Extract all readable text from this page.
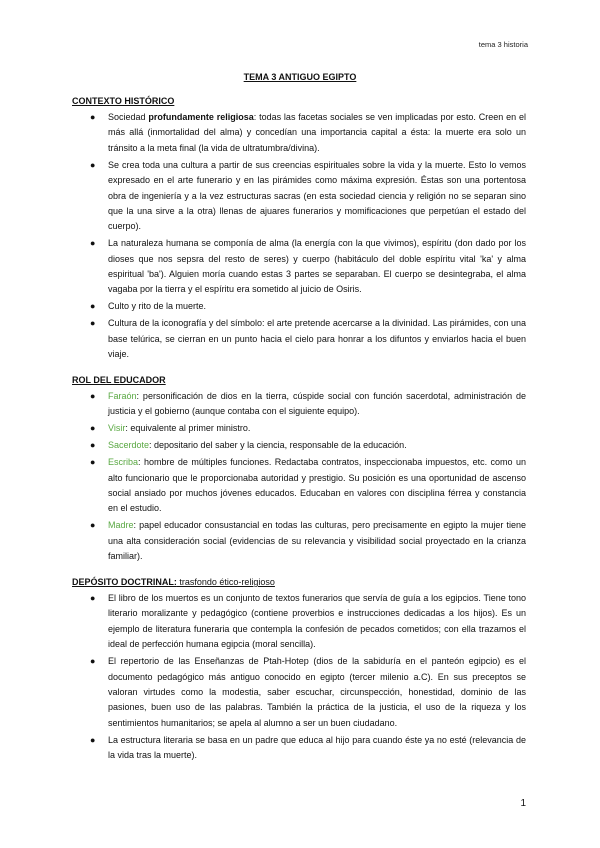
tema 3 historia
TEMA 3 ANTIGUO EGIPTO
CONTEXTO HISTÓRICO
● Sociedad profundamente religiosa: todas las facetas sociales se ven implicadas por esto. Creen en el más allá (inmortalidad del alma) y concedían una importancia capital a ésta: la muerte era solo un tránsito a la meta final (la vida de ultratumbra/divina).
● Se crea toda una cultura a partir de sus creencias espirituales sobre la vida y la muerte. Esto lo vemos expresado en el arte funerario y en las pirámides como máxima expresión. Éstas son una portentosa obra de ingeniería y a la vez estructuras sacras (en esta sociedad ciencia y religión no se separan sino que la una sirve a la otra) llenas de ajuares funerarios y momificaciones que perpetúan el estado del cuerpo).
● La naturaleza humana se componía de alma (la energía con la que vivimos), espíritu (don dado por los dioses que nos sepsra del resto de seres) y cuerpo (habitáculo del doble espíritu vital 'ka' y alma espiritual 'ba'). Alguien moría cuando estas 3 partes se separaban. El cuerpo se desintegraba, el alma vagaba por la tierra y el espíritu era sometido al juicio de Osiris.
● Culto y rito de la muerte.
● Cultura de la iconografía y del símbolo: el arte pretende acercarse a la divinidad. Las pirámides, con una base telúrica, se cierran en un punto hacia el cielo para honrar a los difuntos y enviarlos hacia el buen viaje.
ROL DEL EDUCADOR
● Faraón: personificación de dios en la tierra, cúspide social con función sacerdotal, administración de justicia y el gobierno (aunque contaba con el siguiente equipo).
● Visir: equivalente al primer ministro.
● Sacerdote: depositario del saber y la ciencia, responsable de la educación.
● Escriba: hombre de múltiples funciones. Redactaba contratos, inspeccionaba impuestos, etc. como un alto funcionario que le proporcionaba autoridad y prestigio. Su posición es una oportunidad de ascenso social ansiado por muchos jóvenes educados. Educaban en valores con disciplina férrea y constancia en el estudio.
● Madre: papel educador consustancial en todas las culturas, pero precisamente en egipto la mujer tiene una alta consideración social (evidencias de su relevancia y visibilidad social proyectado en la crianza familiar).
DEPÓSITO DOCTRINAL: trasfondo ético-religioso
● El libro de los muertos es un conjunto de textos funerarios que servía de guía a los egipcios. Tiene tono literario moralizante y pedagógico (contiene proverbios e instrucciones dedicadas a los hijos). Es un ejemplo de literatura funeraria que contempla la confesión de pecados cometidos; con ella trazamos el ideal de perfección humana egipcia (moral sencilla).
● El repertorio de las Enseñanzas de Ptah-Hotep (dios de la sabiduría en el panteón egipcio) es el documento pedagógico más antiguo conocido en egipto (tercer milenio a.C). En sus preceptos se valoran virtudes como la modestia, saber escuchar, circunspección, honestidad, dominio de las pasiones, buen uso de las palabras. También la práctica de la justicia, el uso de la riqueza y los sentimientos humanitarios; se apela al alumno a ser un buen ciudadano.
● La estructura literaria se basa en un padre que educa al hijo para cuando éste ya no esté (relevancia de la vida tras la muerte).
1
